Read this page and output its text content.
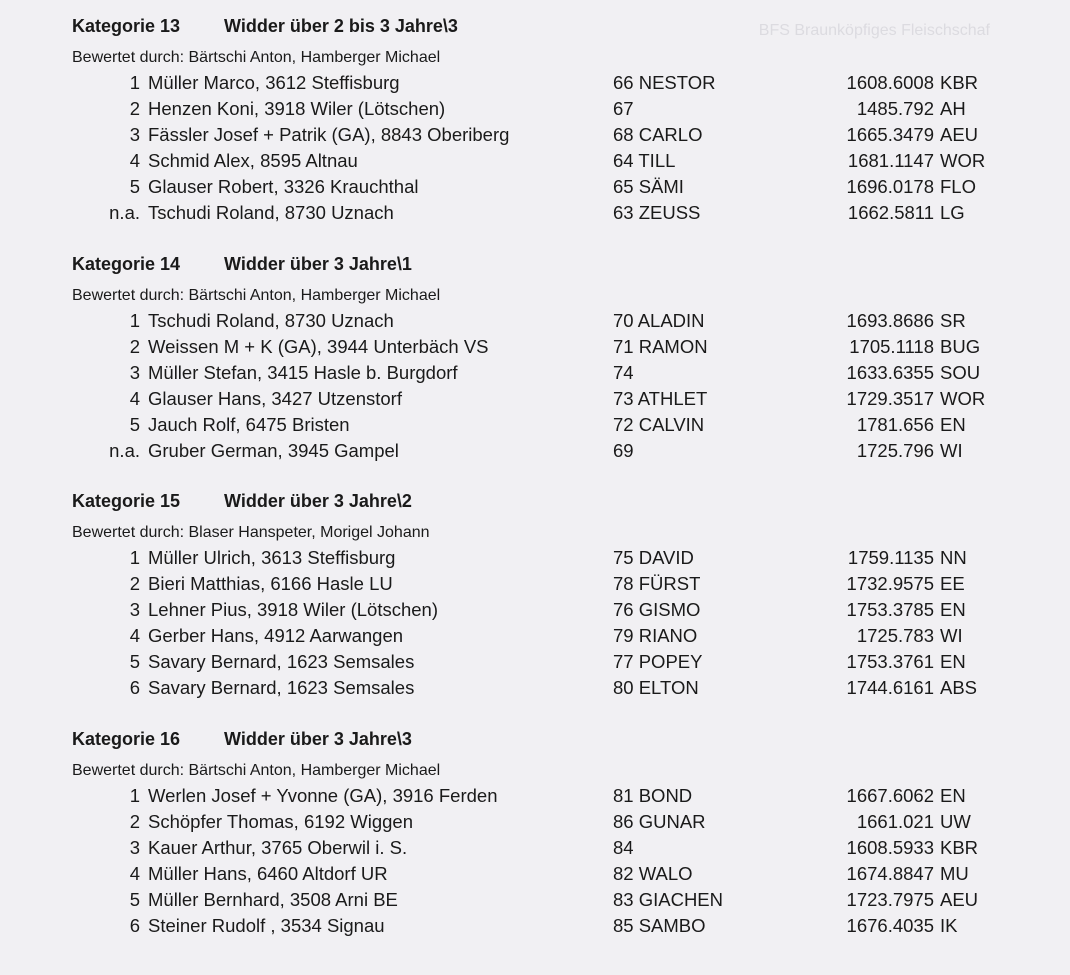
BFS Braunköpfiges Fleischschaf
Kategorie 13 Widder über 2 bis 3 Jahre\3
Bewertet durch: Bärtschi Anton, Hamberger Michael
1 Müller Marco, 3612 Steffisburg	66 NESTOR	1608.6008 KBR
2 Henzen Koni, 3918 Wiler (Lötschen)	67	1485.792 AH
3 Fässler Josef + Patrik (GA), 8843 Oberiberg	68 CARLO	1665.3479 AEU
4 Schmid Alex, 8595 Altnau	64 TILL	1681.1147 WOR
5 Glauser Robert, 3326 Krauchthal	65 SÄMI	1696.0178 FLO
n.a. Tschudi Roland, 8730 Uznach	63 ZEUSS	1662.5811 LG
Kategorie 14 Widder über 3 Jahre\1
Bewertet durch: Bärtschi Anton, Hamberger Michael
1 Tschudi Roland, 8730 Uznach	70 ALADIN	1693.8686 SR
2 Weissen M + K (GA), 3944 Unterbäch VS	71 RAMON	1705.1118 BUG
3 Müller Stefan, 3415 Hasle b. Burgdorf	74	1633.6355 SOU
4 Glauser Hans, 3427 Utzenstorf	73 ATHLET	1729.3517 WOR
5 Jauch Rolf, 6475 Bristen	72 CALVIN	1781.656 EN
n.a. Gruber German, 3945 Gampel	69	1725.796 WI
Kategorie 15 Widder über 3 Jahre\2
Bewertet durch: Blaser Hanspeter, Morigel Johann
1 Müller Ulrich, 3613 Steffisburg	75 DAVID	1759.1135 NN
2 Bieri Matthias, 6166 Hasle LU	78 FÜRST	1732.9575 EE
3 Lehner Pius, 3918 Wiler (Lötschen)	76 GISMO	1753.3785 EN
4 Gerber Hans, 4912 Aarwangen	79 RIANO	1725.783 WI
5 Savary Bernard, 1623 Semsales	77 POPEY	1753.3761 EN
6 Savary Bernard, 1623 Semsales	80 ELTON	1744.6161 ABS
Kategorie 16 Widder über 3 Jahre\3
Bewertet durch: Bärtschi Anton, Hamberger Michael
1 Werlen Josef + Yvonne (GA), 3916 Ferden	81 BOND	1667.6062 EN
2 Schöpfer Thomas, 6192 Wiggen	86 GUNAR	1661.021 UW
3 Kauer Arthur, 3765 Oberwil i. S.	84	1608.5933 KBR
4 Müller Hans, 6460 Altdorf UR	82 WALO	1674.8847 MU
5 Müller Bernhard, 3508 Arni BE	83 GIACHEN	1723.7975 AEU
6 Steiner Rudolf , 3534 Signau	85 SAMBO	1676.4035 IK
